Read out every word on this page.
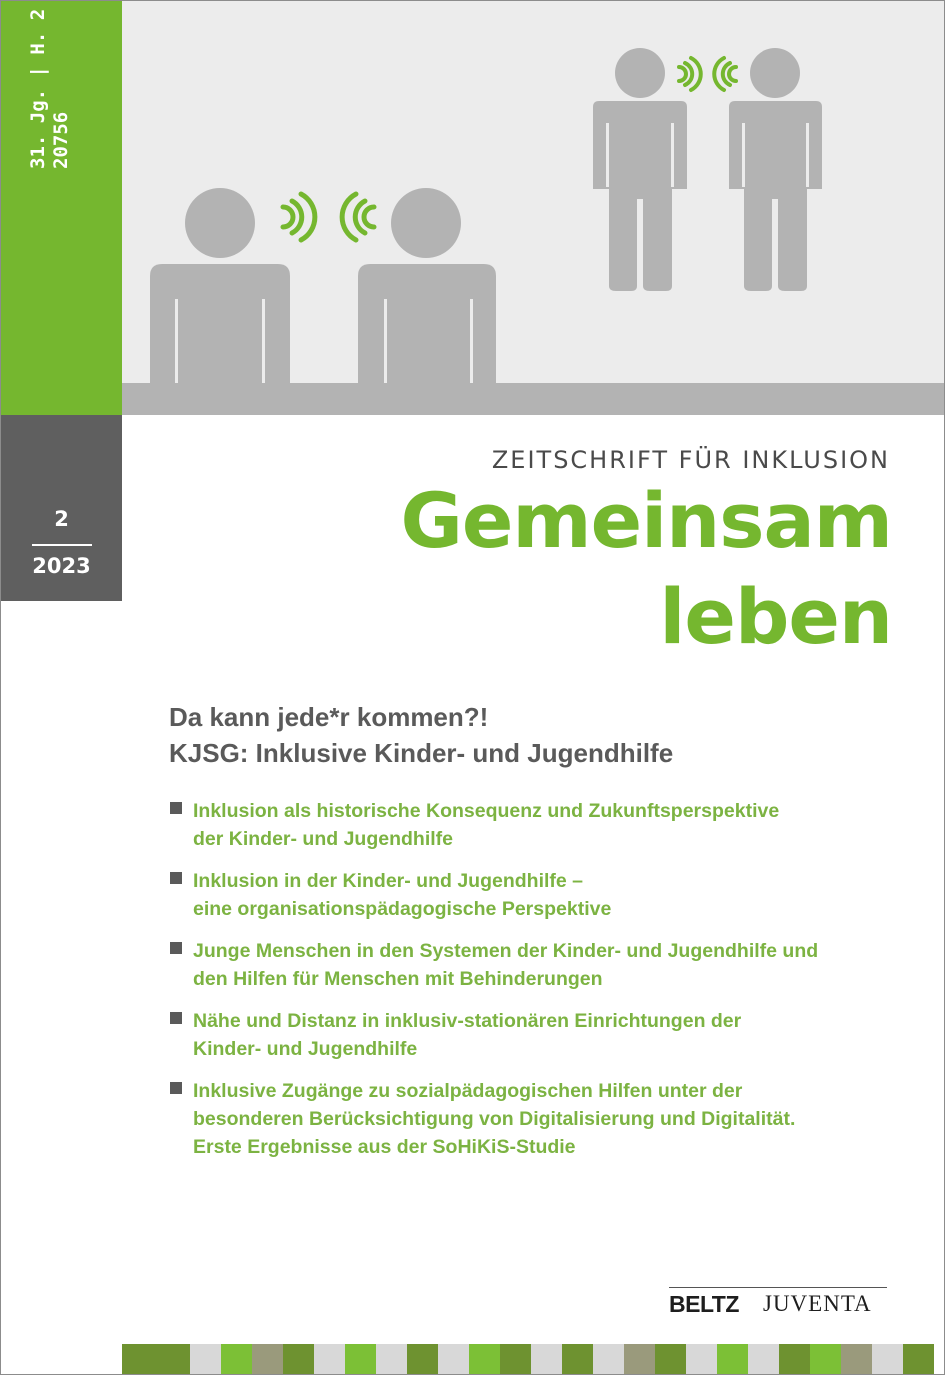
31. Jg. | H. 2 20756
2
2023
ZEITSCHRIFT FÜR INKLUSION
Gemeinsam
leben
Da kann jede*r kommen?!
KJSG: Inklusive Kinder- und Jugendhilfe
Inklusion als historische Konsequenz und Zukunftsperspektive
der Kinder- und Jugendhilfe
Inklusion in der Kinder- und Jugendhilfe –
eine organisationspädagogische Perspektive
Junge Menschen in den Systemen der Kinder- und Jugendhilfe und
den Hilfen für Menschen mit Behinderungen
Nähe und Distanz in inklusiv-stationären Einrichtungen der
Kinder- und Jugendhilfe
Inklusive Zugänge zu sozialpädagogischen Hilfen unter der
besonderen Berücksichtigung von Digitalisierung und Digitalität.
Erste Ergebnisse aus der SoHiKiS-Studie
BELTZ JUVENTA
